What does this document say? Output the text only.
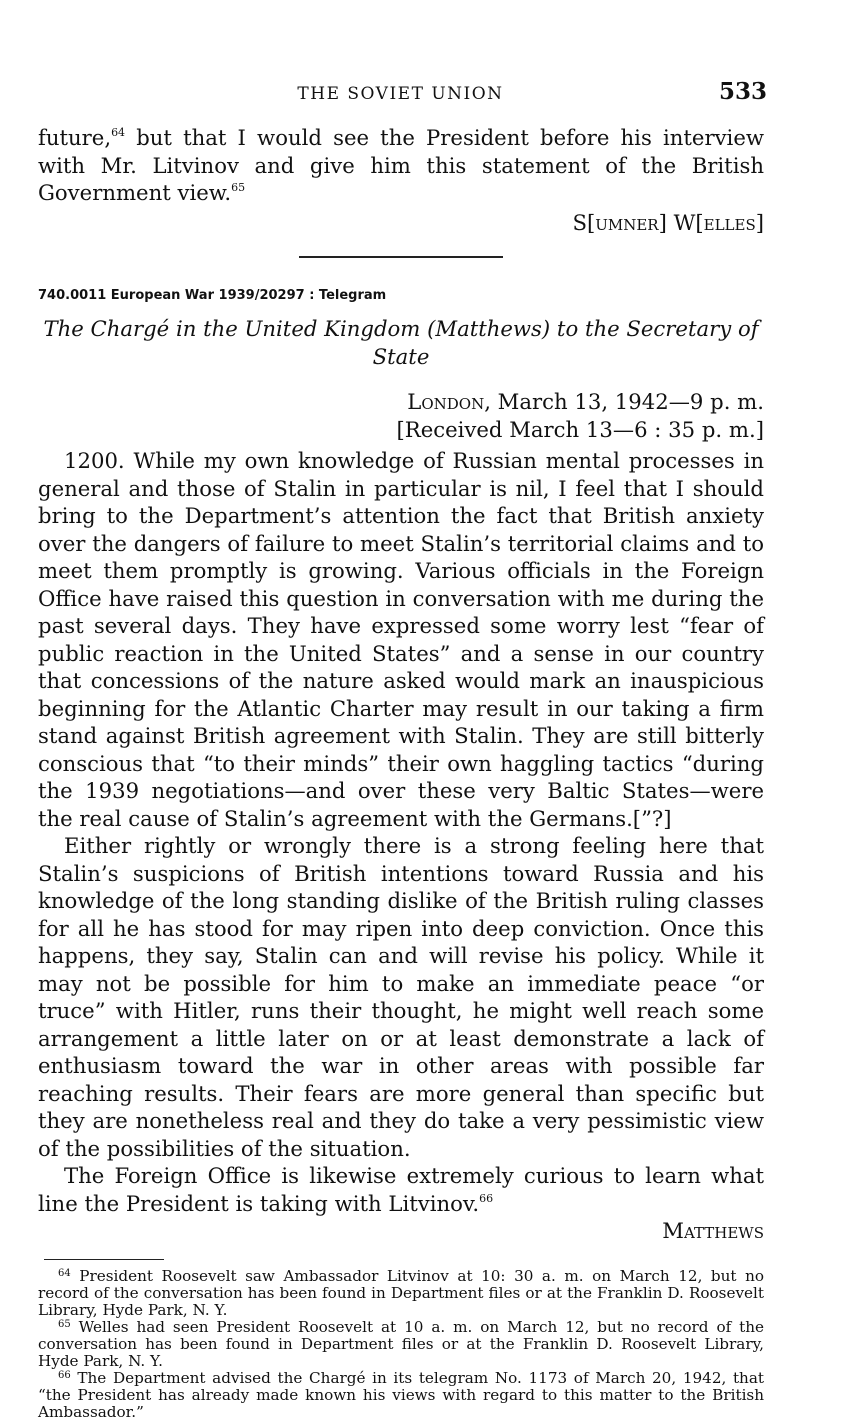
THE SOVIET UNION	533

future,$^{64}$ but that I would see the President before his interview with Mr. Litvinov and give him this statement of the British Government view.$^{65}$

S[umner] W[elles]

740.0011 European War 1939/20297 : Telegram
The Chargé in the United Kingdom (Matthews) to the Secretary of State
London, March 13, 1942—9 p. m.
[Received March 13—6 : 35 p. m.]

1200. While my own knowledge of Russian mental processes in general and those of Stalin in particular is nil, I feel that I should bring to the Department’s attention the fact that British anxiety over the dangers of failure to meet Stalin’s territorial claims and to meet them promptly is growing. Various officials in the Foreign Office have raised this question in conversation with me during the past several days. They have expressed some worry lest “fear of public reaction in the United States” and a sense in our country that concessions of the nature asked would mark an inauspicious beginning for the Atlantic Charter may result in our taking a firm stand against British agreement with Stalin. They are still bitterly conscious that “to their minds” their own haggling tactics “during the 1939 negotiations—and over these very Baltic States—were the real cause of Stalin’s agreement with the Germans.[”?]

Either rightly or wrongly there is a strong feeling here that Stalin’s suspicions of British intentions toward Russia and his knowledge of the long standing dislike of the British ruling classes for all he has stood for may ripen into deep conviction. Once this happens, they say, Stalin can and will revise his policy. While it may not be possible for him to make an immediate peace “or truce” with Hitler, runs their thought, he might well reach some arrangement a little later on or at least demonstrate a lack of enthusiasm toward the war in other areas with possible far reaching results. Their fears are more general than specific but they are nonetheless real and they do take a very pessimistic view of the possibilities of the situation.

The Foreign Office is likewise extremely curious to learn what line the President is taking with Litvinov.$^{66}$

Matthews

$^{64}$ President Roosevelt saw Ambassador Litvinov at 10: 30 a. m. on March 12, but no record of the conversation has been found in Department files or at the Franklin D. Roosevelt Library, Hyde Park, N. Y.

$^{65}$ Welles had seen President Roosevelt at 10 a. m. on March 12, but no record of the conversation has been found in Department files or at the Franklin D. Roosevelt Library, Hyde Park, N. Y.

$^{66}$ The Department advised the Chargé in its telegram No. 1173 of March 20, 1942, that “the President has already made known his views with regard to this matter to the British Ambassador.”
